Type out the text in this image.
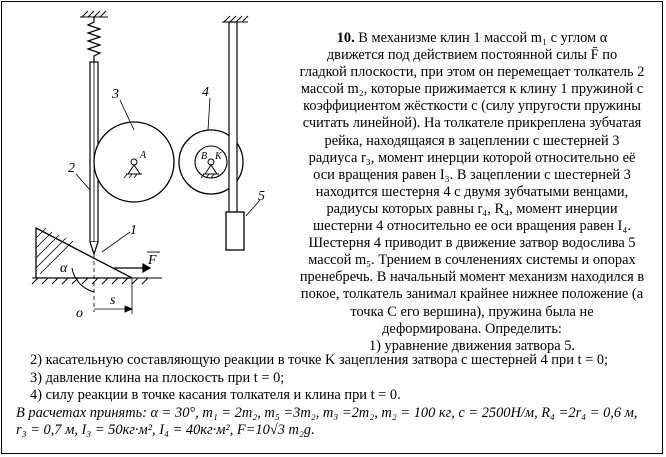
3	4
2
1
5
A	B K
α
F
o
s
10. В механизме клин 1 массой m₁ с углом α
движется под действием постоянной силы F̄ по
гладкой плоскости, при этом он перемещает толкатель 2
массой m₂, которые прижимается к клину 1 пружиной с
коэффициентом жёсткости c (силу упругости пружины
считать линейной). На толкателе прикреплена зубчатая
рейка, находящаяся в зацеплении с шестерней 3
радиуса r₃, момент инерции которой относительно её
оси вращения равен I₃. В зацеплении с шестерней 3
находится шестерня 4 с двумя зубчатыми венцами,
радиусы которых равны r₄, R₄, момент инерции
шестерни 4 относительно ее оси вращения равен I₄.
Шестерня 4 приводит в движение затвор водослива 5
массой m₅. Трением в сочленениях системы и опорах
пренебречь. В начальный момент механизм находился в
покое, толкатель занимал крайнее нижнее положение (а
точка С его вершина), пружина была не
деформирована. Определить:
1) уравнение движения затвора 5.
2) касательную составляющую реакции в точке K зацепления затвора с шестерней 4 при t = 0;
3) давление клина на плоскость при t = 0;
4) силу реакции в точке касания толкателя и клина при t = 0.
В расчетах принять: α = 30°, m₁ = 2m₂, m₅ =3m₂, m₃ =2m₂, m₂ = 100 кг, c = 2500Н/м, R₄ =2r₄ = 0,6 м,
r₃ = 0,7 м, I₃ = 50кг·м², I₄ = 40кг·м², F=10√3 m₂g.
